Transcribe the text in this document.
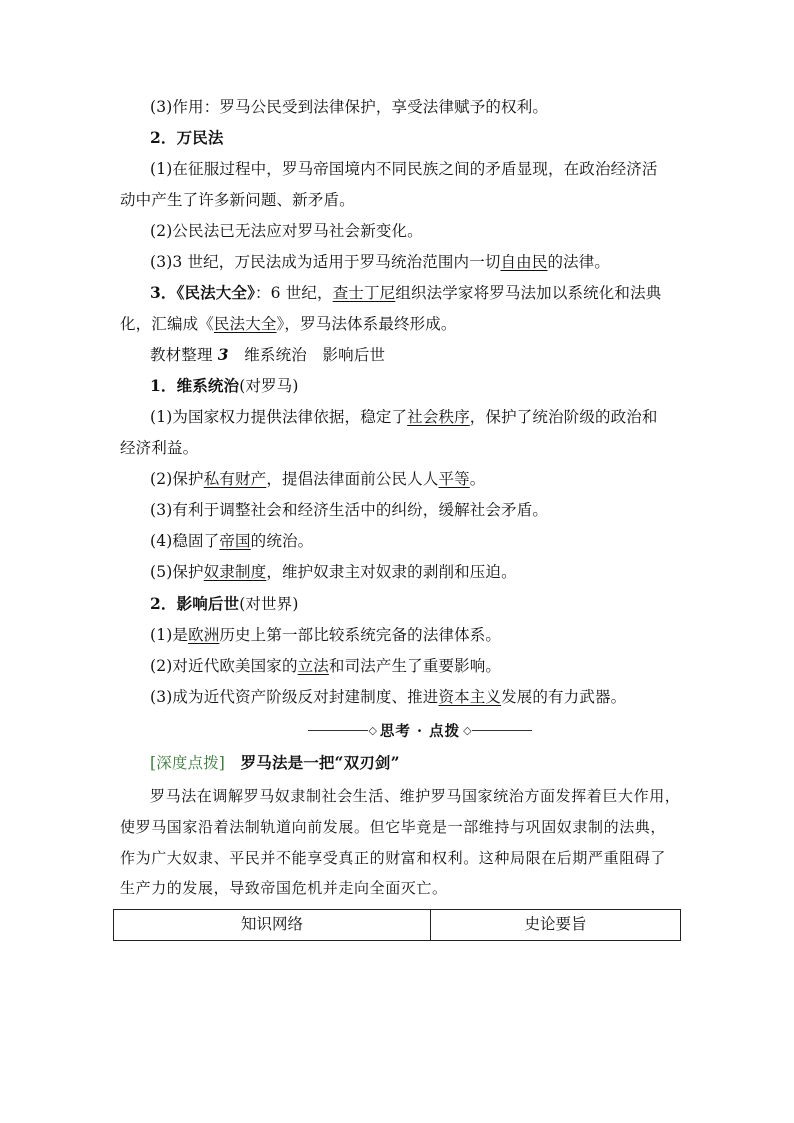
(3)作用：罗马公民受到法律保护，享受法律赋予的权利。
2．万民法
(1)在征服过程中，罗马帝国境内不同民族之间的矛盾显现，在政治经济活
动中产生了许多新问题、新矛盾。
(2)公民法已无法应对罗马社会新变化。
(3)3 世纪，万民法成为适用于罗马统治范围内一切自由民的法律。
3．《民法大全》：6 世纪，查士丁尼组织法学家将罗马法加以系统化和法典
化，汇编成《民法大全》，罗马法体系最终形成。
教材整理 3　维系统治　影响后世
1．维系统治(对罗马)
(1)为国家权力提供法律依据，稳定了社会秩序，保护了统治阶级的政治和
经济利益。
(2)保护私有财产，提倡法律面前公民人人平等。
(3)有利于调整社会和经济生活中的纠纷，缓解社会矛盾。
(4)稳固了帝国的统治。
(5)保护奴隶制度，维护奴隶主对奴隶的剥削和压迫。
2．影响后世(对世界)
(1)是欧洲历史上第一部比较系统完备的法律体系。
(2)对近代欧美国家的立法和司法产生了重要影响。
(3)成为近代资产阶级反对封建制度、推进资本主义发展的有力武器。
◇ 思考 · 点拨 ◇
[深度点拨]　罗马法是一把“双刃剑”
罗马法在调解罗马奴隶制社会生活、维护罗马国家统治方面发挥着巨大作用，
使罗马国家沿着法制轨道向前发展。但它毕竟是一部维持与巩固奴隶制的法典，
作为广大奴隶、平民并不能享受真正的财富和权利。这种局限在后期严重阻碍了
生产力的发展，导致帝国危机并走向全面灭亡。
知识网络	史论要旨
